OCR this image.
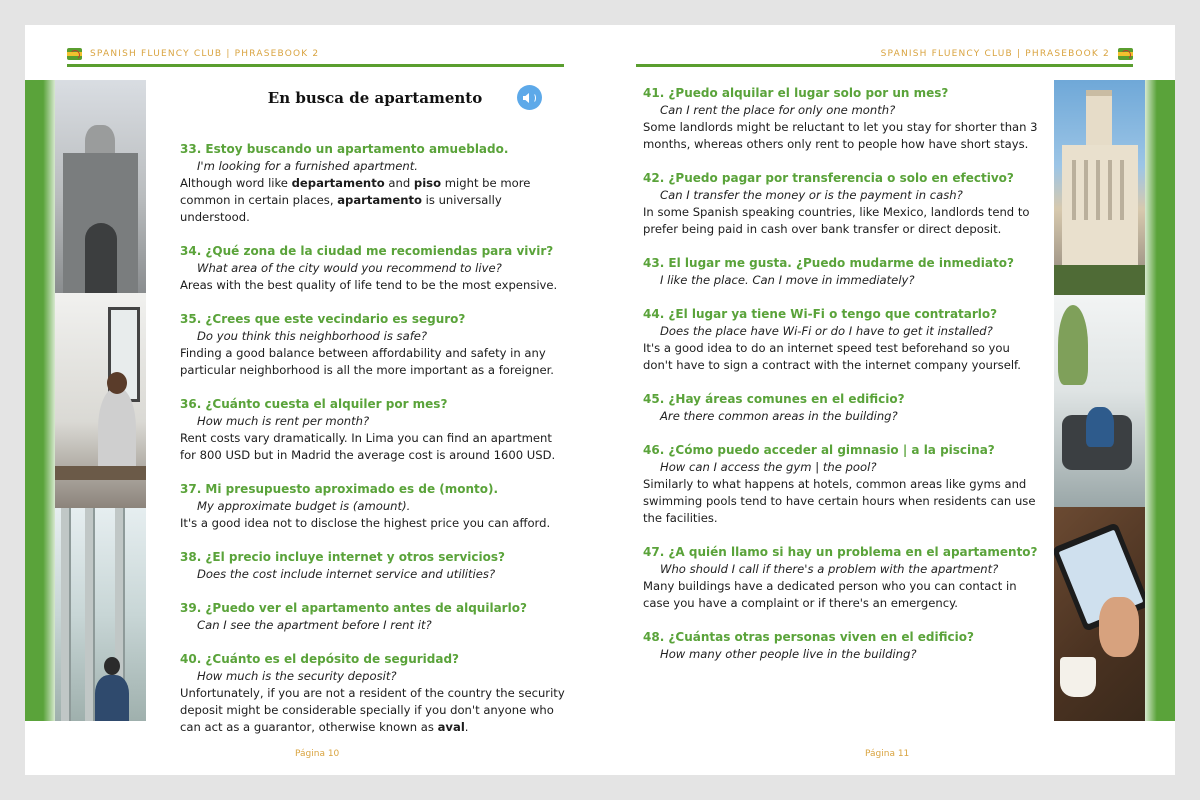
SPANISH FLUENCY CLUB | PHRASEBOOK 2
En busca de apartamento
33. Estoy buscando un apartamento amueblado.
I'm looking for a furnished apartment.
Although word like departamento and piso might be more common in certain places, apartamento is universally understood.
34. ¿Qué zona de la ciudad me recomiendas para vivir?
What area of the city would you recommend to live?
Areas with the best quality of life tend to be the most expensive.
35. ¿Crees que este vecindario es seguro?
Do you think this neighborhood is safe?
Finding a good balance between affordability and safety in any particular neighborhood is all the more important as a foreigner.
36. ¿Cuánto cuesta el alquiler por mes?
How much is rent per month?
Rent costs vary dramatically. In Lima you can find an apartment for 800 USD but in Madrid the average cost is around 1600 USD.
37. Mi presupuesto aproximado es de (monto).
My approximate budget is (amount).
It's a good idea not to disclose the highest price you can afford.
38. ¿El precio incluye internet y otros servicios?
Does the cost include internet service and utilities?
39. ¿Puedo ver el apartamento antes de alquilarlo?
Can I see the apartment before I rent it?
40. ¿Cuánto es el depósito de seguridad?
How much is the security deposit?
Unfortunately, if you are not a resident of the country the security deposit might be considerable specially if you don't anyone who can act as a guarantor, otherwise known as aval.
Página 10
SPANISH FLUENCY CLUB | PHRASEBOOK 2
41. ¿Puedo alquilar el lugar solo por un mes?
Can I rent the place for only one month?
Some landlords might be reluctant to let you stay for shorter than 3 months, whereas others only rent to people how have short stays.
42. ¿Puedo pagar por transferencia o solo en efectivo?
Can I transfer the money or is the payment in cash?
In some Spanish speaking countries, like Mexico, landlords tend to prefer being paid in cash over bank transfer or direct deposit.
43. El lugar me gusta. ¿Puedo mudarme de inmediato?
I like the place. Can I move in immediately?
44. ¿El lugar ya tiene Wi-Fi o tengo que contratarlo?
Does the place have Wi-Fi or do I have to get it installed?
It's a good idea to do an internet speed test beforehand so you don't have to sign a contract with the internet company yourself.
45. ¿Hay áreas comunes en el edificio?
Are there common areas in the building?
46. ¿Cómo puedo acceder al gimnasio | a la piscina?
How can I access the gym | the pool?
Similarly to what happens at hotels, common areas like gyms and swimming pools tend to have certain hours when residents can use the facilities.
47. ¿A quién llamo si hay un problema en el apartamento?
Who should I call if there's a problem with the apartment?
Many buildings have a dedicated person who you can contact in case you have a complaint or if there's an emergency.
48. ¿Cuántas otras personas viven en el edificio?
How many other people live in the building?
Página 11
